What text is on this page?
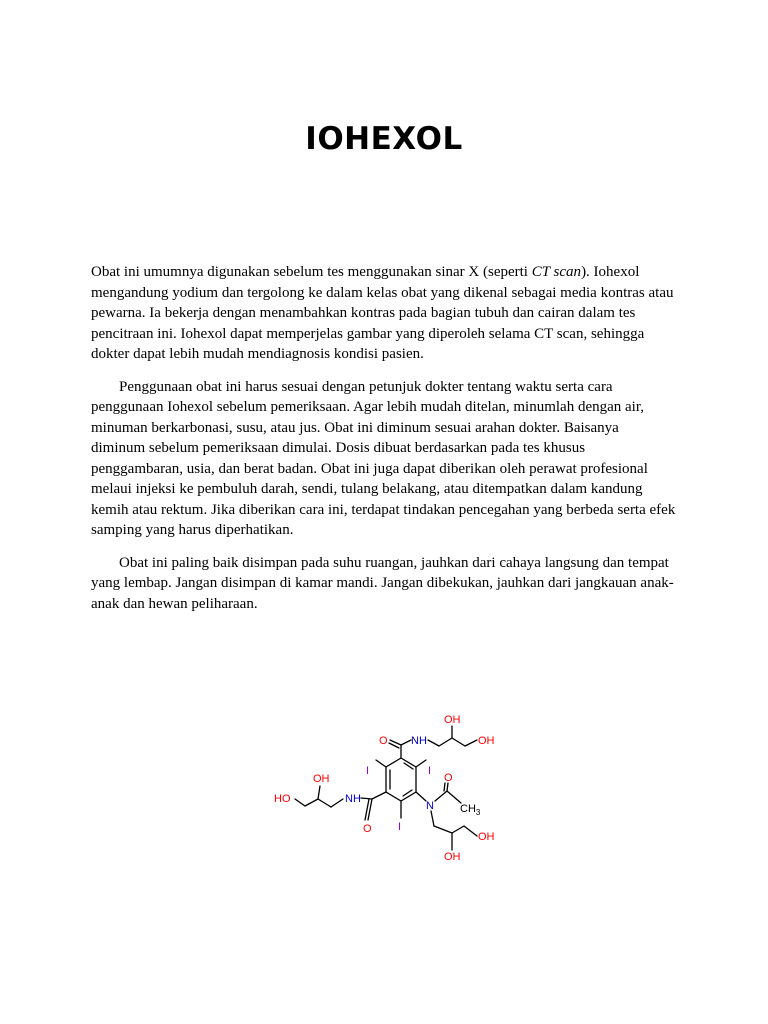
IOHEXOL

Obat ini umumnya digunakan sebelum tes menggunakan sinar X (seperti CT scan). Iohexol
mengandung yodium dan tergolong ke dalam kelas obat yang dikenal sebagai media kontras atau
pewarna. Ia bekerja dengan menambahkan kontras pada bagian tubuh dan cairan dalam tes
pencitraan ini. Iohexol dapat memperjelas gambar yang diperoleh selama CT scan, sehingga
dokter dapat lebih mudah mendiagnosis kondisi pasien.

Penggunaan obat ini harus sesuai dengan petunjuk dokter tentang waktu serta cara
penggunaan Iohexol sebelum pemeriksaan. Agar lebih mudah ditelan, minumlah dengan air,
minuman berkarbonasi, susu, atau jus. Obat ini diminum sesuai arahan dokter. Baisanya
diminum sebelum pemeriksaan dimulai. Dosis dibuat berdasarkan pada tes khusus
penggambaran, usia, dan berat badan. Obat ini juga dapat diberikan oleh perawat profesional
melaui injeksi ke pembuluh darah, sendi, tulang belakang, atau ditempatkan dalam kandung
kemih atau rektum. Jika diberikan cara ini, terdapat tindakan pencegahan yang berbeda serta efek
samping yang harus diperhatikan.

Obat ini paling baik disimpan pada suhu ruangan, jauhkan dari cahaya langsung dan tempat
yang lembap. Jangan disimpan di kamar mandi. Jangan dibekukan, jauhkan dari jangkauan anak-
anak dan hewan peliharaan.

OH
OH
O NH
I	I
OH
HO	NH
O I
N
O
$CH_3$
OH
OH
